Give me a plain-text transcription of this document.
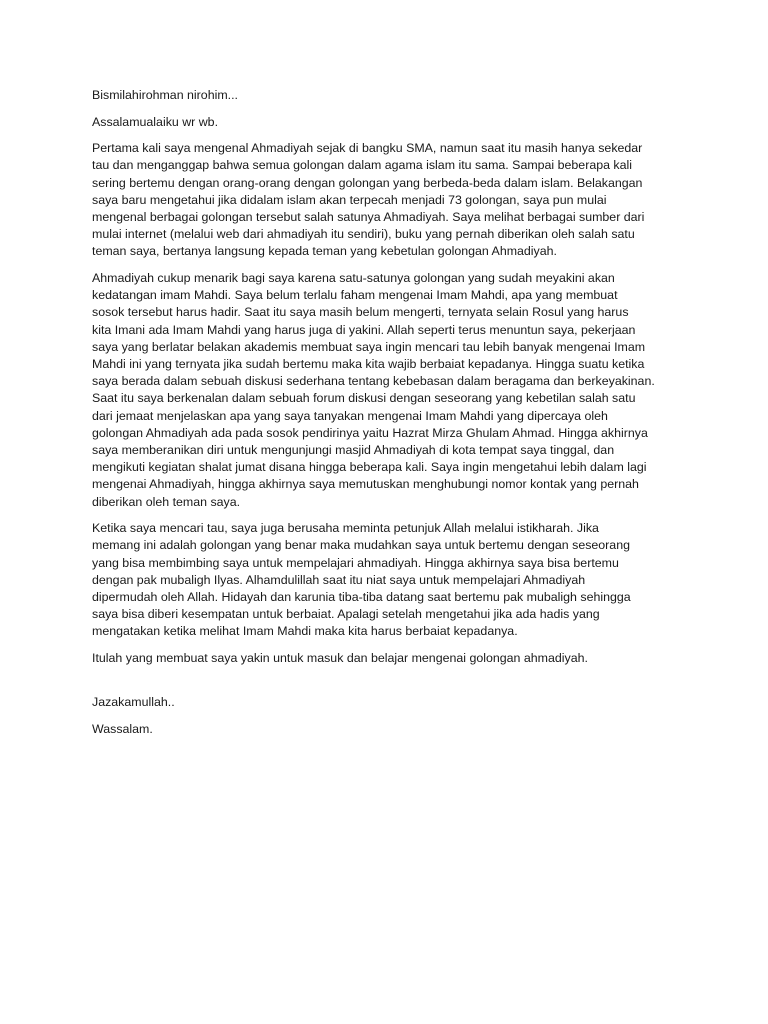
Bismilahirohman nirohim...

Assalamualaiku wr wb.

Pertama kali saya mengenal Ahmadiyah sejak di bangku SMA, namun saat itu masih hanya sekedar
tau dan menganggap bahwa semua golongan dalam agama islam itu sama. Sampai beberapa kali
sering bertemu dengan orang-orang dengan golongan yang berbeda-beda dalam islam. Belakangan
saya baru mengetahui jika didalam islam akan terpecah menjadi 73 golongan, saya pun mulai
mengenal berbagai golongan tersebut salah satunya Ahmadiyah. Saya melihat berbagai sumber dari
mulai internet (melalui web dari ahmadiyah itu sendiri), buku yang pernah diberikan oleh salah satu
teman saya, bertanya langsung kepada teman yang kebetulan golongan Ahmadiyah.

Ahmadiyah cukup menarik bagi saya karena satu-satunya golongan yang sudah meyakini akan
kedatangan imam Mahdi. Saya belum terlalu faham mengenai Imam Mahdi, apa yang membuat
sosok tersebut harus hadir. Saat itu saya masih belum mengerti, ternyata selain Rosul yang harus
kita Imani ada Imam Mahdi yang harus juga di yakini. Allah seperti terus menuntun saya, pekerjaan
saya yang berlatar belakan akademis membuat saya ingin mencari tau lebih banyak mengenai Imam
Mahdi ini yang ternyata jika sudah bertemu maka kita wajib berbaiat kepadanya. Hingga suatu ketika
saya berada dalam sebuah diskusi sederhana tentang kebebasan dalam beragama dan berkeyakinan.
Saat itu saya berkenalan dalam sebuah forum diskusi dengan seseorang yang kebetilan salah satu
dari jemaat menjelaskan apa yang saya tanyakan mengenai Imam Mahdi yang dipercaya oleh
golongan Ahmadiyah ada pada sosok pendirinya yaitu Hazrat Mirza Ghulam Ahmad. Hingga akhirnya
saya memberanikan diri untuk mengunjungi masjid Ahmadiyah di kota tempat saya tinggal, dan
mengikuti kegiatan shalat jumat disana hingga beberapa kali. Saya ingin mengetahui lebih dalam lagi
mengenai Ahmadiyah, hingga akhirnya saya memutuskan menghubungi nomor kontak yang pernah
diberikan oleh teman saya.

Ketika saya mencari tau, saya juga berusaha meminta petunjuk Allah melalui istikharah. Jika
memang ini adalah golongan yang benar maka mudahkan saya untuk bertemu dengan seseorang
yang bisa membimbing saya untuk mempelajari ahmadiyah. Hingga akhirnya saya bisa bertemu
dengan pak mubaligh Ilyas. Alhamdulillah saat itu niat saya untuk mempelajari Ahmadiyah
dipermudah oleh Allah. Hidayah dan karunia tiba-tiba datang saat bertemu pak mubaligh sehingga
saya bisa diberi kesempatan untuk berbaiat. Apalagi setelah mengetahui jika ada hadis yang
mengatakan ketika melihat Imam Mahdi maka kita harus berbaiat kepadanya.

Itulah yang membuat saya yakin untuk masuk dan belajar mengenai golongan ahmadiyah.

Jazakamullah..

Wassalam.
